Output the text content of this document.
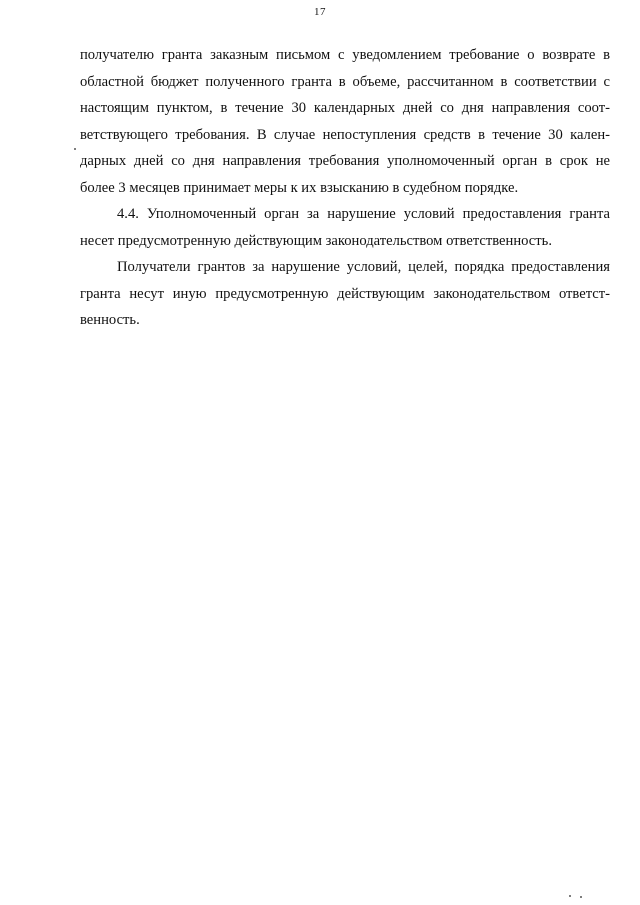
17
получателю гранта заказным письмом с уведомлением требование о возврате в
областной бюджет полученного гранта в объеме, рассчитанном в соответствии с
настоящим пунктом, в течение 30 календарных дней со дня направления соот-
ветствующего требования. В случае непоступления средств в течение 30 кален-
дарных дней со дня направления требования уполномоченный орган в срок не
более 3 месяцев принимает меры к их взысканию в судебном порядке.
4.4. Уполномоченный орган за нарушение условий предоставления гранта
несет предусмотренную действующим законодательством ответственность.
Получатели грантов за нарушение условий, целей, порядка предоставления
гранта несут иную предусмотренную действующим законодательством ответст-
венность.
